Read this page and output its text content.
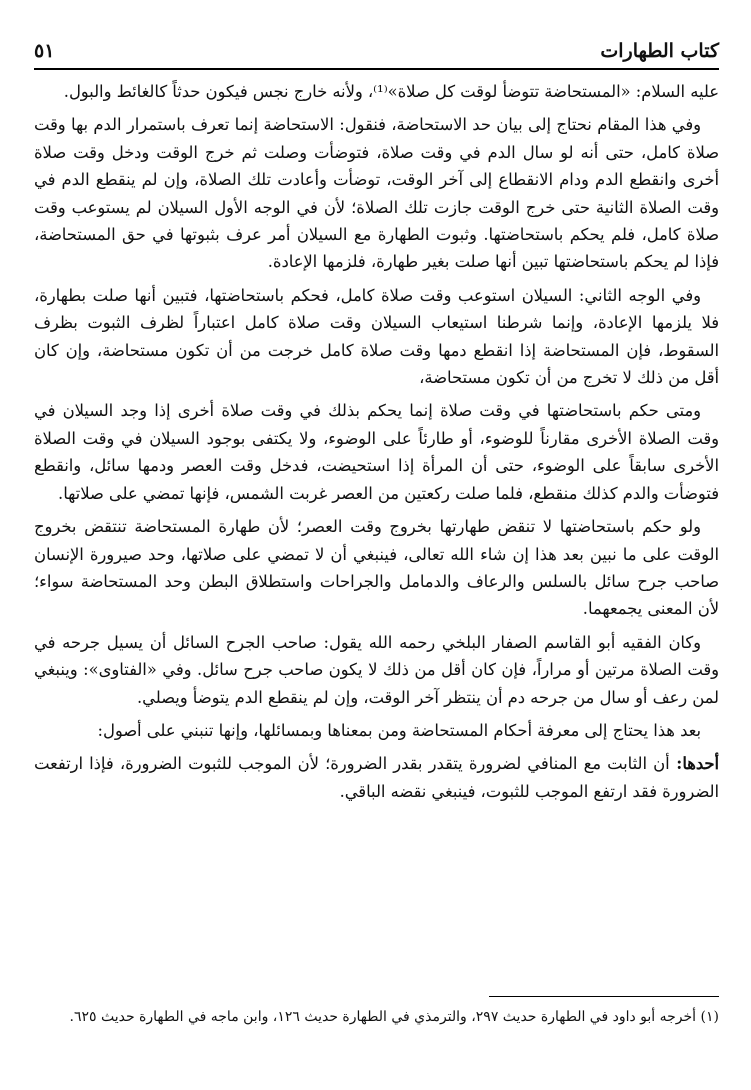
كتاب الطهارات
٥١

عليه السلام: «المستحاضة تتوضأ لوقت كل صلاة»⁽¹⁾، ولأنه خارج نجس فيكون حدثاً كالغائط والبول.

وفي هذا المقام نحتاج إلى بيان حد الاستحاضة، فنقول: الاستحاضة إنما تعرف باستمرار الدم بها وقت صلاة كامل، حتى أنه لو سال الدم في وقت صلاة، فتوضأت وصلت ثم خرج الوقت ودخل وقت صلاة أخرى وانقطع الدم ودام الانقطاع إلى آخر الوقت، توضأت وأعادت تلك الصلاة، وإن لم ينقطع الدم في وقت الصلاة الثانية حتى خرج الوقت جازت تلك الصلاة؛ لأن في الوجه الأول السيلان لم يستوعب وقت صلاة كامل، فلم يحكم باستحاضتها. وثبوت الطهارة مع السيلان أمر عرف بثبوتها في حق المستحاضة، فإذا لم يحكم باستحاضتها تبين أنها صلت بغير طهارة، فلزمها الإعادة.

وفي الوجه الثاني: السيلان استوعب وقت صلاة كامل، فحكم باستحاضتها، فتبين أنها صلت بطهارة، فلا يلزمها الإعادة، وإنما شرطنا استيعاب السيلان وقت صلاة كامل اعتباراً لظرف الثبوت بظرف السقوط، فإن المستحاضة إذا انقطع دمها وقت صلاة كامل خرجت من أن تكون مستحاضة، وإن كان أقل من ذلك لا تخرج من أن تكون مستحاضة،

ومتى حكم باستحاضتها في وقت صلاة إنما يحكم بذلك في وقت صلاة أخرى إذا وجد السيلان في وقت الصلاة الأخرى مقارناً للوضوء، أو طارئاً على الوضوء، ولا يكتفى بوجود السيلان في وقت الصلاة الأخرى سابقاً على الوضوء، حتى أن المرأة إذا استحيضت، فدخل وقت العصر ودمها سائل، وانقطع فتوضأت والدم كذلك منقطع، فلما صلت ركعتين من العصر غربت الشمس، فإنها تمضي على صلاتها.

ولو حكم باستحاضتها لا تنقض طهارتها بخروج وقت العصر؛ لأن طهارة المستحاضة تنتقض بخروج الوقت على ما نبين بعد هذا إن شاء الله تعالى، فينبغي أن لا تمضي على صلاتها، وحد صيرورة الإنسان صاحب جرح سائل بالسلس والرعاف والدمامل والجراحات واستطلاق البطن وحد المستحاضة سواء؛ لأن المعنى يجمعهما.

وكان الفقيه أبو القاسم الصفار البلخي رحمه الله يقول: صاحب الجرح السائل أن يسيل جرحه في وقت الصلاة مرتين أو مراراً، فإن كان أقل من ذلك لا يكون صاحب جرح سائل. وفي «الفتاوى»: وينبغي لمن رعف أو سال من جرحه دم أن ينتظر آخر الوقت، وإن لم ينقطع الدم يتوضأ ويصلي.

بعد هذا يحتاج إلى معرفة أحكام المستحاضة ومن بمعناها وبمسائلها، وإنها تنبني على أصول:

أحدها: أن الثابت مع المنافي لضرورة يتقدر بقدر الضرورة؛ لأن الموجب للثبوت الضرورة، فإذا ارتفعت الضرورة فقد ارتفع الموجب للثبوت، فينبغي نقضه الباقي.

(١) أخرجه أبو داود في الطهارة حديث ٢٩٧، والترمذي في الطهارة حديث ١٢٦، وابن ماجه في الطهارة حديث ٦٢٥.
